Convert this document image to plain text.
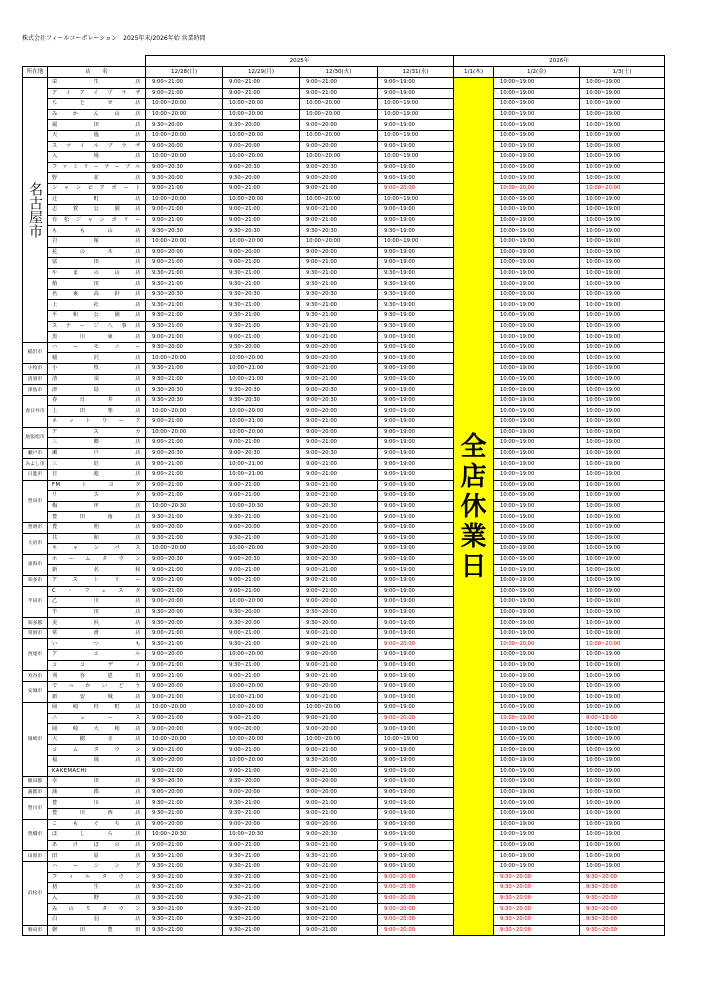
株式会社フィールコーポレーション　2025年末/2026年始 営業時間
		2025年				2026年		
所在地	店　　名	12/28(日)	12/29(月)	12/30(火)	12/31(水)	1/1(木)	1/2(金)	1/3(土)
名古屋市	栄生店	9:00~21:00	9:00~21:00	9:00~21:00	9:00~19:00	全店休業日	10:00~19:00	10:00~19:00
	アイアイプラザ	9:00~21:00	9:00~21:00	9:00~21:00	9:00~19:00		10:00~19:00	10:00~19:00
	ちとせ店	10:00~20:00	10:00~20:00	10:00~20:00	10:00~19:00		10:00~19:00	10:00~19:00
	みかん山店	10:00~20:00	10:00~20:00	10:00~20:00	10:00~19:00		10:00~19:00	10:00~19:00
	堀田店	9:30~20:00	9:30~20:00	9:00~20:00	9:00~19:00		10:00~19:00	10:00~19:00
	天塩店	10:00~20:00	10:00~20:00	10:00~20:00	10:00~19:00		10:00~19:00	10:00~19:00
	スマイルプラザ	9:00~20:00	9:00~20:00	9:00~20:00	9:00~19:00		10:00~19:00	10:00~19:00
	入場店	10:00~20:00	10:00~20:00	10:00~20:00	10:00~19:00		10:00~19:00	10:00~19:00
	ファミリーテーブル	9:00~20:30	9:00~20:30	9:00~20:30	9:00~19:00		10:00~19:00	10:00~19:00
	野並店	9:30~20:00	9:30~20:00	9:00~20:00	9:00~19:00		10:00~19:00	10:00~19:00
	シャンピアポート	9:00~21:00	9:00~21:00	9:00~21:00	9:00~20:00		10:00~20:00	10:00~20:00
	辻町店	10:00~20:00	10:00~20:00	10:00~20:00	10:00~19:00		10:00~19:00	10:00~19:00
	志賀公園店	9:00~21:00	9:00~21:00	9:00~21:00	9:00~19:00		10:00~19:00	10:00~19:00
	有松ジャンボリー	9:00~21:00	9:00~21:00	9:00~21:00	9:00~19:00		10:00~19:00	10:00~19:00
	もも山店	9:30~20:30	9:30~20:30	9:30~20:30	9:30~19:00		10:00~19:00	10:00~19:00
	岩塚店	10:00~20:00	10:00~20:00	10:00~20:00	10:00~19:00		10:00~19:00	10:00~19:00
	花の木店	9:00~20:00	9:00~20:00	9:00~20:00	9:00~19:00		10:00~19:00	10:00~19:00
	富田店	9:00~21:00	9:00~21:00	9:00~21:00	9:00~19:00		10:00~19:00	10:00~19:00
	やまの山店	9:30~21:00	9:30~21:00	9:30~21:00	9:30~19:00		10:00~19:00	10:00~19:00
	植田店	9:30~21:00	9:30~21:00	9:30~21:00	9:30~19:00		10:00~19:00	10:00~19:00
	名東高針店	9:30~20:30	9:30~20:30	9:30~20:30	9:30~19:00		10:00~19:00	10:00~19:00
	上社店	9:30~21:00	9:30~21:00	9:30~21:00	9:30~19:00		10:00~19:00	10:00~19:00
	平和公園店	9:30~21:00	9:30~21:00	9:30~21:00	9:30~19:00		10:00~19:00	10:00~19:00
	ステージ八事店	9:30~21:00	9:30~21:00	9:30~21:00	9:30~19:00		10:00~19:00	10:00~19:00
	黒川東店	9:00~21:00	9:00~21:00	9:00~21:00	9:00~19:00		10:00~19:00	10:00~19:00
稲沢市	ハーモニー	9:30~20:00	9:30~20:00	9:00~20:00	9:00~19:00		10:00~19:00	10:00~19:00
	稲沢店	10:00~20:00	10:00~20:00	9:00~20:00	9:00~19:00		10:00~19:00	10:00~19:00
小牧市	小牧店	9:30~21:00	10:00~21:00	9:00~21:00	9:00~19:00		10:00~19:00	10:00~19:00
清須市	清須店	9:30~21:00	10:00~21:00	9:00~21:00	9:00~19:00		10:00~19:00	10:00~19:00
津島市	津島店	9:30~20:30	9:30~20:30	9:00~20:30	9:00~19:00		10:00~19:00	10:00~19:00
春日井市	春日井店	9:30~20:30	9:30~20:30	9:00~20:30	9:00~19:00		10:00~19:00	10:00~19:00
	上田楽店	10:00~20:00	10:00~20:00	9:00~20:00	9:00~19:00		10:00~19:00	10:00~19:00
	ネットワーク	9:00~21:00	10:00~21:00	9:00~21:00	9:00~19:00		10:00~19:00	10:00~19:00
尾張旭市	アスカ	10:00~20:00	10:00~20:00	9:00~20:00	9:00~19:00		10:00~19:00	10:00~19:00
	三郷店	9:00~21:00	9:00~21:00	9:00~21:00	9:00~19:00		10:00~19:00	10:00~19:00
瀬戸市	瀬戸店	9:00~20:30	9:00~20:30	9:00~20:30	9:00~19:00		10:00~19:00	10:00~19:00
みよし市	三好店	9:00~21:00	10:00~21:00	9:00~21:00	9:00~19:00		10:00~19:00	10:00~19:00
日進市	日進店	9:00~21:00	10:00~21:00	9:00~21:00	9:00~19:00		10:00~19:00	10:00~19:00
豊田市	FMトヨタ	9:00~21:00	9:00~21:00	9:00~21:00	9:00~19:00		10:00~19:00	10:00~19:00
	リスタ	9:00~21:00	9:00~21:00	9:00~21:00	9:00~19:00		10:00~19:00	10:00~19:00
	梅坪店	10:00~20:30	10:00~20:30	9:00~20:30	9:00~19:00		10:00~19:00	10:00~19:00
	豊田南店	9:30~21:00	9:30~21:00	9:00~21:00	9:00~19:00		10:00~19:00	10:00~19:00
豊明市	豊明店	9:00~20:00	9:00~20:00	9:00~20:00	9:00~19:00		10:00~19:00	10:00~19:00
大府市	共和店	9:30~21:00	9:30~21:00	9:00~21:00	9:00~19:00		10:00~19:00	10:00~19:00
	キャンパス	10:00~20:00	10:00~20:00	9:00~20:00	9:00~19:00		10:00~19:00	10:00~19:00
東海市	ホームタウン	9:00~20:30	9:00~20:30	9:00~20:30	9:00~19:00		10:00~19:00	10:00~19:00
	新名和	9:00~21:00	9:00~21:00	9:00~21:00	9:00~19:00		10:00~19:00	10:00~19:00
知多市	アストリー	9:00~21:00	9:00~21:00	9:00~21:00	9:00~19:00		10:00~19:00	10:00~19:00
半田市	C・フェスタ	9:00~21:00	9:00~21:00	9:00~21:00	9:00~19:00		10:00~19:00	10:00~19:00
	乙川店	9:00~20:00	10:00~20:00	9:00~20:00	9:00~19:00		10:00~19:00	10:00~19:00
	半田店	9:30~20:00	9:30~20:00	9:30~20:00	9:00~19:00		10:00~19:00	10:00~19:00
知多郡	美浜店	9:30~20:00	9:30~20:00	9:30~20:00	9:00~19:00		10:00~19:00	10:00~19:00
常滑市	常滑店	9:00~21:00	9:00~21:00	9:00~21:00	9:00~19:00		10:00~19:00	10:00~19:00
西尾市	いつも	9:30~21:00	9:30~21:00	9:00~21:00	9:00~20:00		10:00~20:00	10:00~20:00
	アエル	9:00~20:00	10:00~20:00	9:00~20:00	9:00~19:00		10:00~19:00	10:00~19:00
	ココディ	9:00~21:00	9:30~21:00	9:00~21:00	9:00~19:00		10:00~19:00	10:00~19:00
刈谷市	刈谷恩田	9:00~21:00	9:00~21:00	9:00~21:00	9:00~19:00		10:00~19:00	10:00~19:00
安城市	でっかいどう	9:00~20:00	10:00~20:00	9:00~20:00	9:00~19:00		10:00~19:00	10:00~19:00
	新安城店	9:00~21:00	10:00~21:00	9:00~21:00	9:00~19:00		10:00~19:00	10:00~19:00
岡崎市	岡崎柱町店	10:00~20:00	10:00~20:00	10:00~20:00	9:00~19:00		10:00~19:00	10:00~19:00
	ニュース	9:00~21:00	9:00~21:00	9:00~21:00	9:00~20:00		10:00~19:00	9:00~19:00
	岡崎大和店	9:00~20:00	9:00~20:00	9:00~20:00	9:00~19:00		10:00~19:00	10:00~19:00
	大樹寺店	10:00~20:00	10:00~20:00	10:00~20:00	10:00~19:00		10:00~19:00	10:00~19:00
	コムタウン	9:00~21:00	9:00~21:00	9:00~21:00	9:00~19:00		10:00~19:00	10:00~19:00
	福岡店	9:00~20:00	10:00~20:00	9:30~20:00	9:00~19:00		10:00~19:00	10:00~19:00
	KAKEMACHI	9:00~21:00	9:00~21:00	9:00~21:00	9:00~19:00		10:00~19:00	10:00~19:00
額田郡	幸田店	9:30~20:30	9:30~20:00	9:00~20:00	9:00~19:00		10:00~19:00	10:00~19:00
蒲郡市	蒲郡店	9:00~20:00	9:00~20:00	9:00~20:00	9:00~19:00		10:00~19:00	10:00~19:00
豊川市	豊川店	9:30~21:00	9:30~21:00	9:00~21:00	9:00~19:00		10:00~19:00	10:00~19:00
	豊川西店	9:30~21:00	9:30~21:00	9:00~21:00	9:00~19:00		10:00~19:00	10:00~19:00
豊橋市	こもぐち店	9:00~20:00	9:00~20:00	9:00~20:00	9:00~19:00		10:00~19:00	10:00~19:00
	ほしら店	10:00~20:30	10:00~20:30	9:00~20:30	9:00~19:00		10:00~19:00	10:00~19:00
	あけぼの店	9:00~21:00	9:00~21:00	9:00~21:00	9:00~19:00		10:00~19:00	10:00~19:00
田原市	田原店	9:30~21:00	9:30~21:00	9:30~21:00	9:00~19:00		10:00~19:00	10:00~19:00
浜松市	ハーシング	9:30~21:00	9:30~21:00	9:00~21:00	9:00~19:00		10:00~19:00	10:00~19:00
	フィルタウン	9:30~21:00	9:30~21:00	9:00~21:00	9:00~20:00		9:30~20:00	9:30~20:00
	初生店	9:30~21:00	9:30~21:00	9:00~21:00	9:00~20:00		9:30~20:00	9:30~20:00
	入野店	9:30~21:00	9:30~21:00	9:00~21:00	9:00~20:00		9:30~20:00	9:30~20:00
	みのりタウン	9:30~21:00	9:30~21:00	9:00~21:00	9:00~20:00		9:30~20:00	9:30~20:00
	白羽店	9:30~21:00	9:30~21:00	9:00~21:00	9:00~20:00		9:30~20:00	9:30~20:00
磐田市	磐田豊田	9:30~21:00	9:30~21:00	9:00~21:00	9:00~20:00		9:30~20:00	9:30~20:00
